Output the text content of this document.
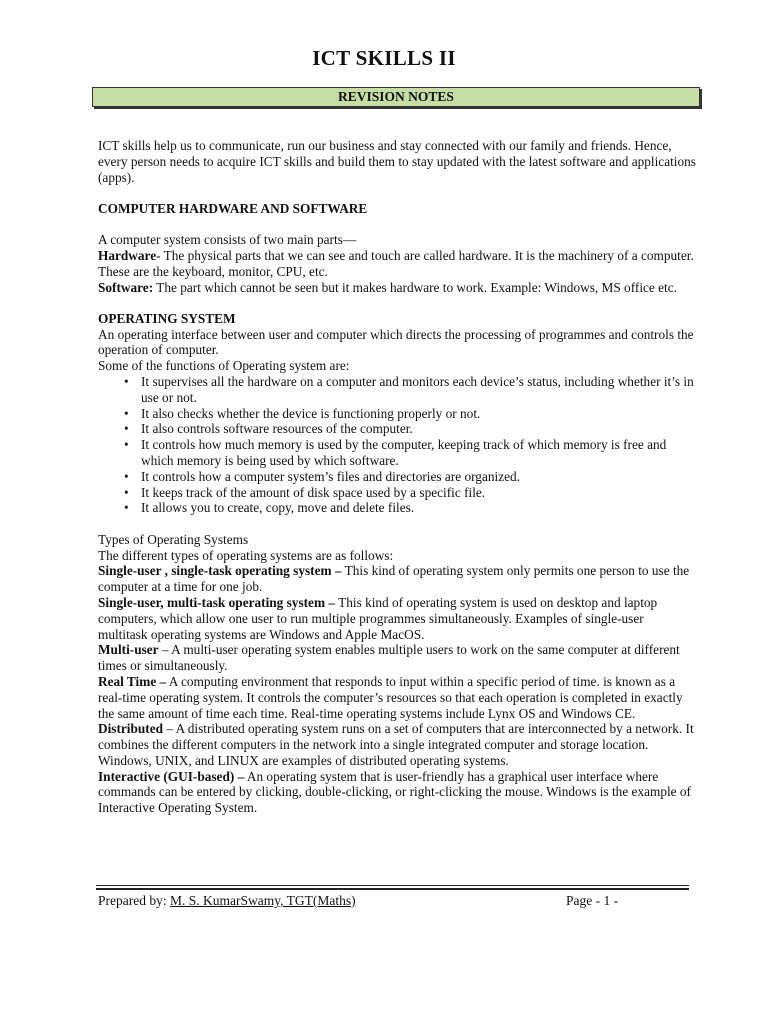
ICT SKILLS II
REVISION NOTES

ICT skills help us to communicate, run our business and stay connected with our family and friends. Hence, every person needs to acquire ICT skills and build them to stay updated with the latest software and applications (apps).

COMPUTER HARDWARE AND SOFTWARE

A computer system consists of two main parts—

Hardware- The physical parts that we can see and touch are called hardware. It is the machinery of a computer. These are the keyboard, monitor, CPU, etc.

Software: The part which cannot be seen but it makes hardware to work. Example: Windows, MS office etc.

OPERATING SYSTEM

An operating interface between user and computer which directs the processing of programmes and controls the operation of computer.

Some of the functions of Operating system are:

• It supervises all the hardware on a computer and monitors each device’s status, including whether it’s in use or not.
• It also checks whether the device is functioning properly or not.
• It also controls software resources of the computer.
• It controls how much memory is used by the computer, keeping track of which memory is free and which memory is being used by which software.
• It controls how a computer system’s files and directories are organized.
• It keeps track of the amount of disk space used by a specific file.
• It allows you to create, copy, move and delete files.

Types of Operating Systems

The different types of operating systems are as follows:

Single-user , single-task operating system – This kind of operating system only permits one person to use the computer at a time for one job.

Single-user, multi-task operating system – This kind of operating system is used on desktop and laptop computers, which allow one user to run multiple programmes simultaneously. Examples of single-user multitask operating systems are Windows and Apple MacOS.

Multi-user – A multi-user operating system enables multiple users to work on the same computer at different times or simultaneously.

Real Time – A computing environment that responds to input within a specific period of time. is known as a real-time operating system. It controls the computer’s resources so that each operation is completed in exactly the same amount of time each time. Real-time operating systems include Lynx OS and Windows CE.

Distributed – A distributed operating system runs on a set of computers that are interconnected by a network. It combines the different computers in the network into a single integrated computer and storage location. Windows, UNIX, and LINUX are examples of distributed operating systems.

Interactive (GUI-based) – An operating system that is user-friendly has a graphical user interface where commands can be entered by clicking, double-clicking, or right-clicking the mouse. Windows is the example of Interactive Operating System.

Prepared by: M. S. KumarSwamy, TGT(Maths)	Page - 1 -
